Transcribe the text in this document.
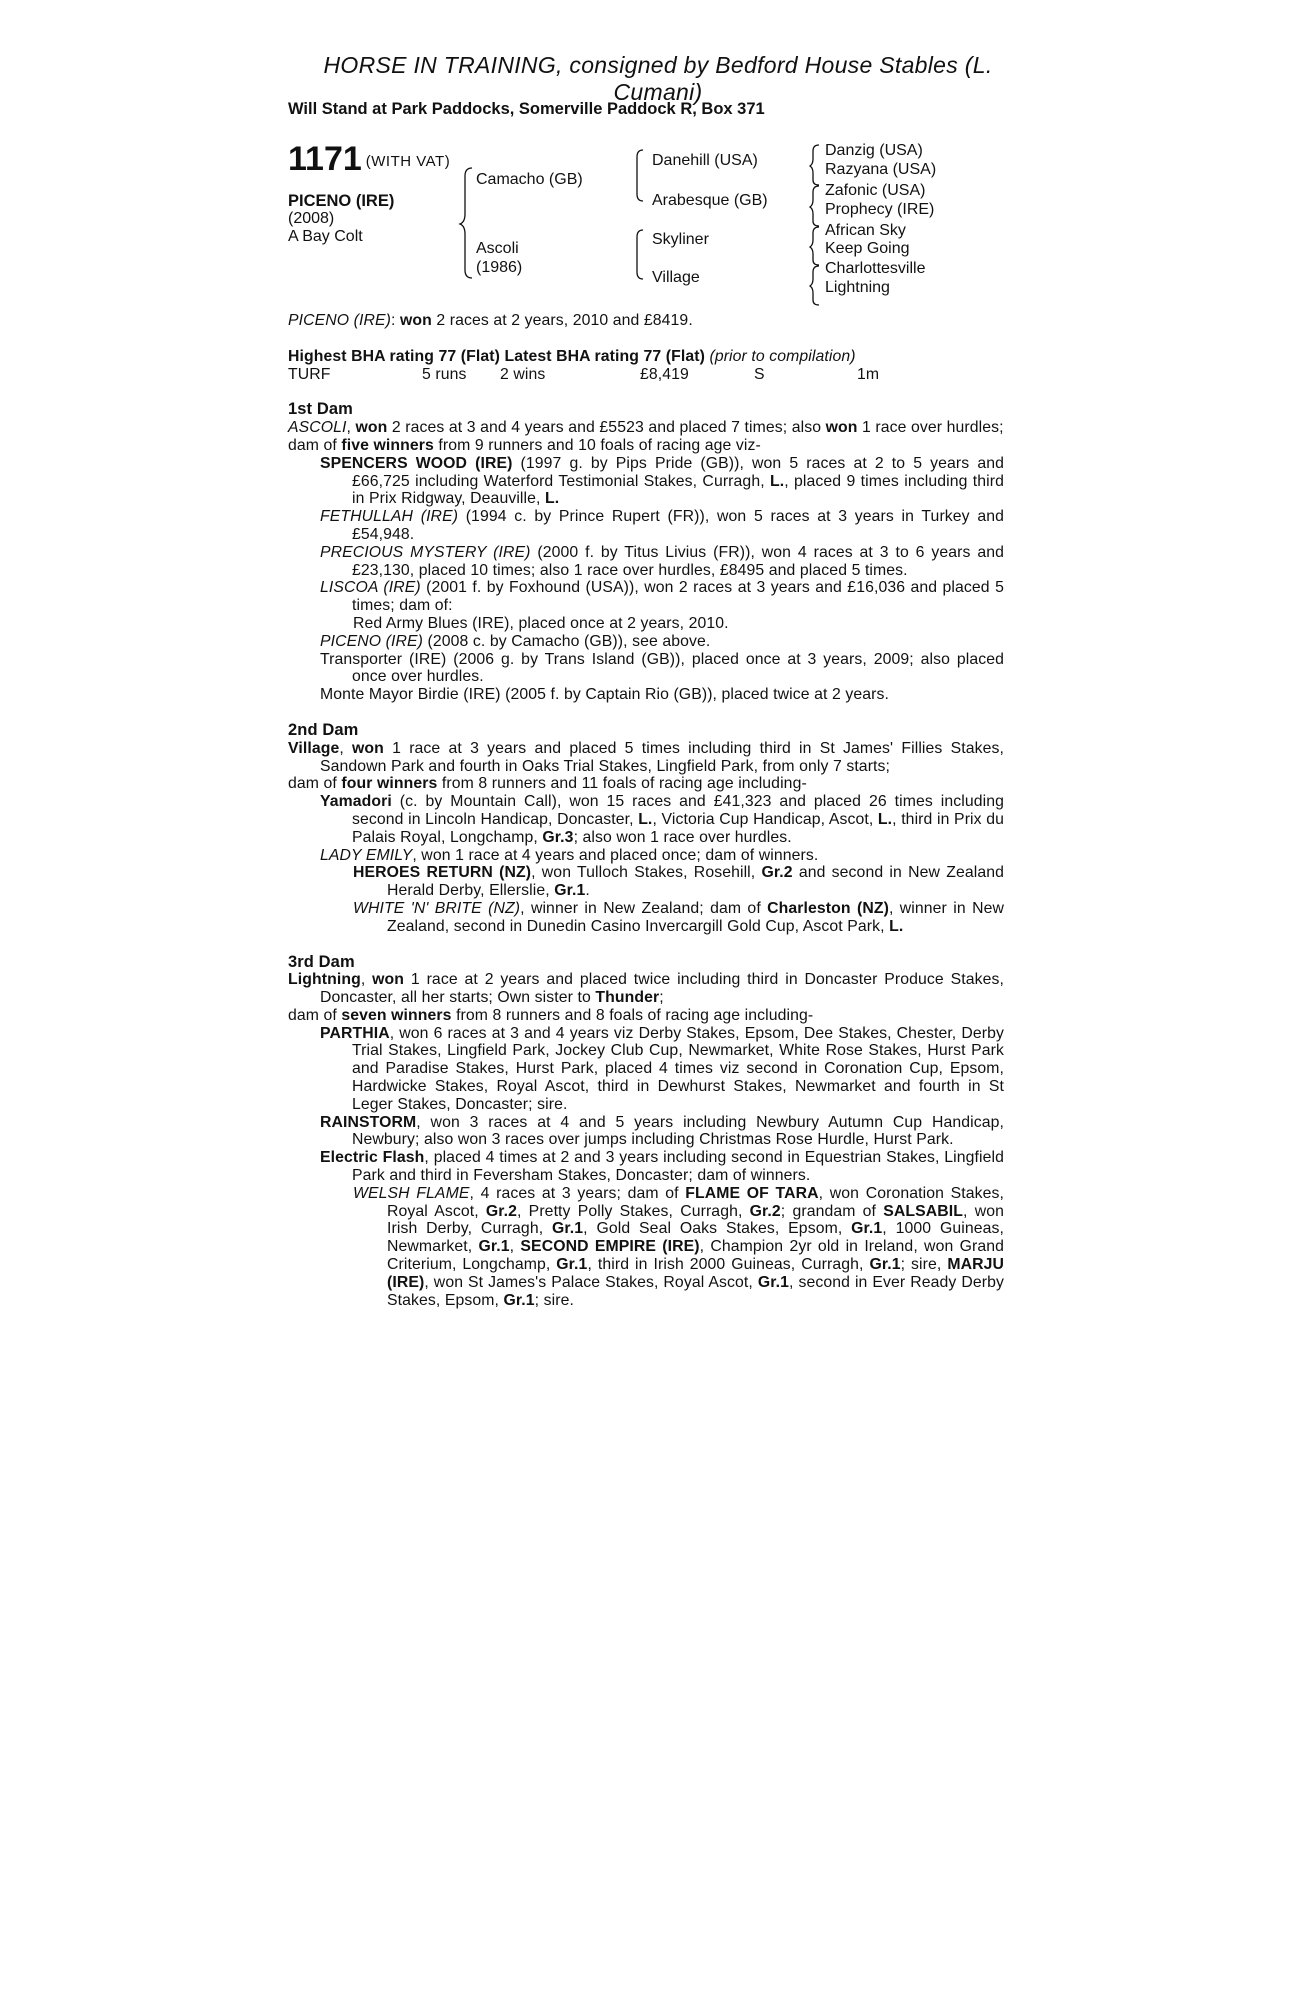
HORSE IN TRAINING, consigned by Bedford House Stables (L. Cumani)
Will Stand at Park Paddocks, Somerville Paddock R, Box 371
1171 (WITH VAT)
PICENO (IRE)
(2008)
A Bay Colt
Camacho (GB)
Ascoli
(1986)
Danehill (USA)
Arabesque (GB)
Skyliner
Village
Danzig (USA)
Razyana (USA)
Zafonic (USA)
Prophecy (IRE)
African Sky
Keep Going
Charlottesville
Lightning

PICENO (IRE): won 2 races at 2 years, 2010 and £8419.

Highest BHA rating 77 (Flat) Latest BHA rating 77 (Flat) (prior to compilation)

TURF	5 runs	2 wins	£8,419	S	1m

1st Dam

ASCOLI, won 2 races at 3 and 4 years and £5523 and placed 7 times; also won 1 race over hurdles;

dam of five winners from 9 runners and 10 foals of racing age viz-

SPENCERS WOOD (IRE) (1997 g. by Pips Pride (GB)), won 5 races at 2 to 5 years and £66,725 including Waterford Testimonial Stakes, Curragh, L., placed 9 times including third in Prix Ridgway, Deauville, L.

FETHULLAH (IRE) (1994 c. by Prince Rupert (FR)), won 5 races at 3 years in Turkey and £54,948.

PRECIOUS MYSTERY (IRE) (2000 f. by Titus Livius (FR)), won 4 races at 3 to 6 years and £23,130, placed 10 times; also 1 race over hurdles, £8495 and placed 5 times.

LISCOA (IRE) (2001 f. by Foxhound (USA)), won 2 races at 3 years and £16,036 and placed 5 times; dam of:

Red Army Blues (IRE), placed once at 2 years, 2010.

PICENO (IRE) (2008 c. by Camacho (GB)), see above.

Transporter (IRE) (2006 g. by Trans Island (GB)), placed once at 3 years, 2009; also placed once over hurdles.

Monte Mayor Birdie (IRE) (2005 f. by Captain Rio (GB)), placed twice at 2 years.

2nd Dam

Village, won 1 race at 3 years and placed 5 times including third in St James' Fillies Stakes, Sandown Park and fourth in Oaks Trial Stakes, Lingfield Park, from only 7 starts;

dam of four winners from 8 runners and 11 foals of racing age including-

Yamadori (c. by Mountain Call), won 15 races and £41,323 and placed 26 times including second in Lincoln Handicap, Doncaster, L., Victoria Cup Handicap, Ascot, L., third in Prix du Palais Royal, Longchamp, Gr.3; also won 1 race over hurdles.

LADY EMILY, won 1 race at 4 years and placed once; dam of winners.

HEROES RETURN (NZ), won Tulloch Stakes, Rosehill, Gr.2 and second in New Zealand Herald Derby, Ellerslie, Gr.1.

WHITE 'N' BRITE (NZ), winner in New Zealand; dam of Charleston (NZ), winner in New Zealand, second in Dunedin Casino Invercargill Gold Cup, Ascot Park, L.

3rd Dam

Lightning, won 1 race at 2 years and placed twice including third in Doncaster Produce Stakes, Doncaster, all her starts; Own sister to Thunder;

dam of seven winners from 8 runners and 8 foals of racing age including-

PARTHIA, won 6 races at 3 and 4 years viz Derby Stakes, Epsom, Dee Stakes, Chester, Derby Trial Stakes, Lingfield Park, Jockey Club Cup, Newmarket, White Rose Stakes, Hurst Park and Paradise Stakes, Hurst Park, placed 4 times viz second in Coronation Cup, Epsom, Hardwicke Stakes, Royal Ascot, third in Dewhurst Stakes, Newmarket and fourth in St Leger Stakes, Doncaster; sire.

RAINSTORM, won 3 races at 4 and 5 years including Newbury Autumn Cup Handicap, Newbury; also won 3 races over jumps including Christmas Rose Hurdle, Hurst Park.

Electric Flash, placed 4 times at 2 and 3 years including second in Equestrian Stakes, Lingfield Park and third in Feversham Stakes, Doncaster; dam of winners.

WELSH FLAME, 4 races at 3 years; dam of FLAME OF TARA, won Coronation Stakes, Royal Ascot, Gr.2, Pretty Polly Stakes, Curragh, Gr.2; grandam of SALSABIL, won Irish Derby, Curragh, Gr.1, Gold Seal Oaks Stakes, Epsom, Gr.1, 1000 Guineas, Newmarket, Gr.1, SECOND EMPIRE (IRE), Champion 2yr old in Ireland, won Grand Criterium, Longchamp, Gr.1, third in Irish 2000 Guineas, Curragh, Gr.1; sire, MARJU (IRE), won St James's Palace Stakes, Royal Ascot, Gr.1, second in Ever Ready Derby Stakes, Epsom, Gr.1; sire.
